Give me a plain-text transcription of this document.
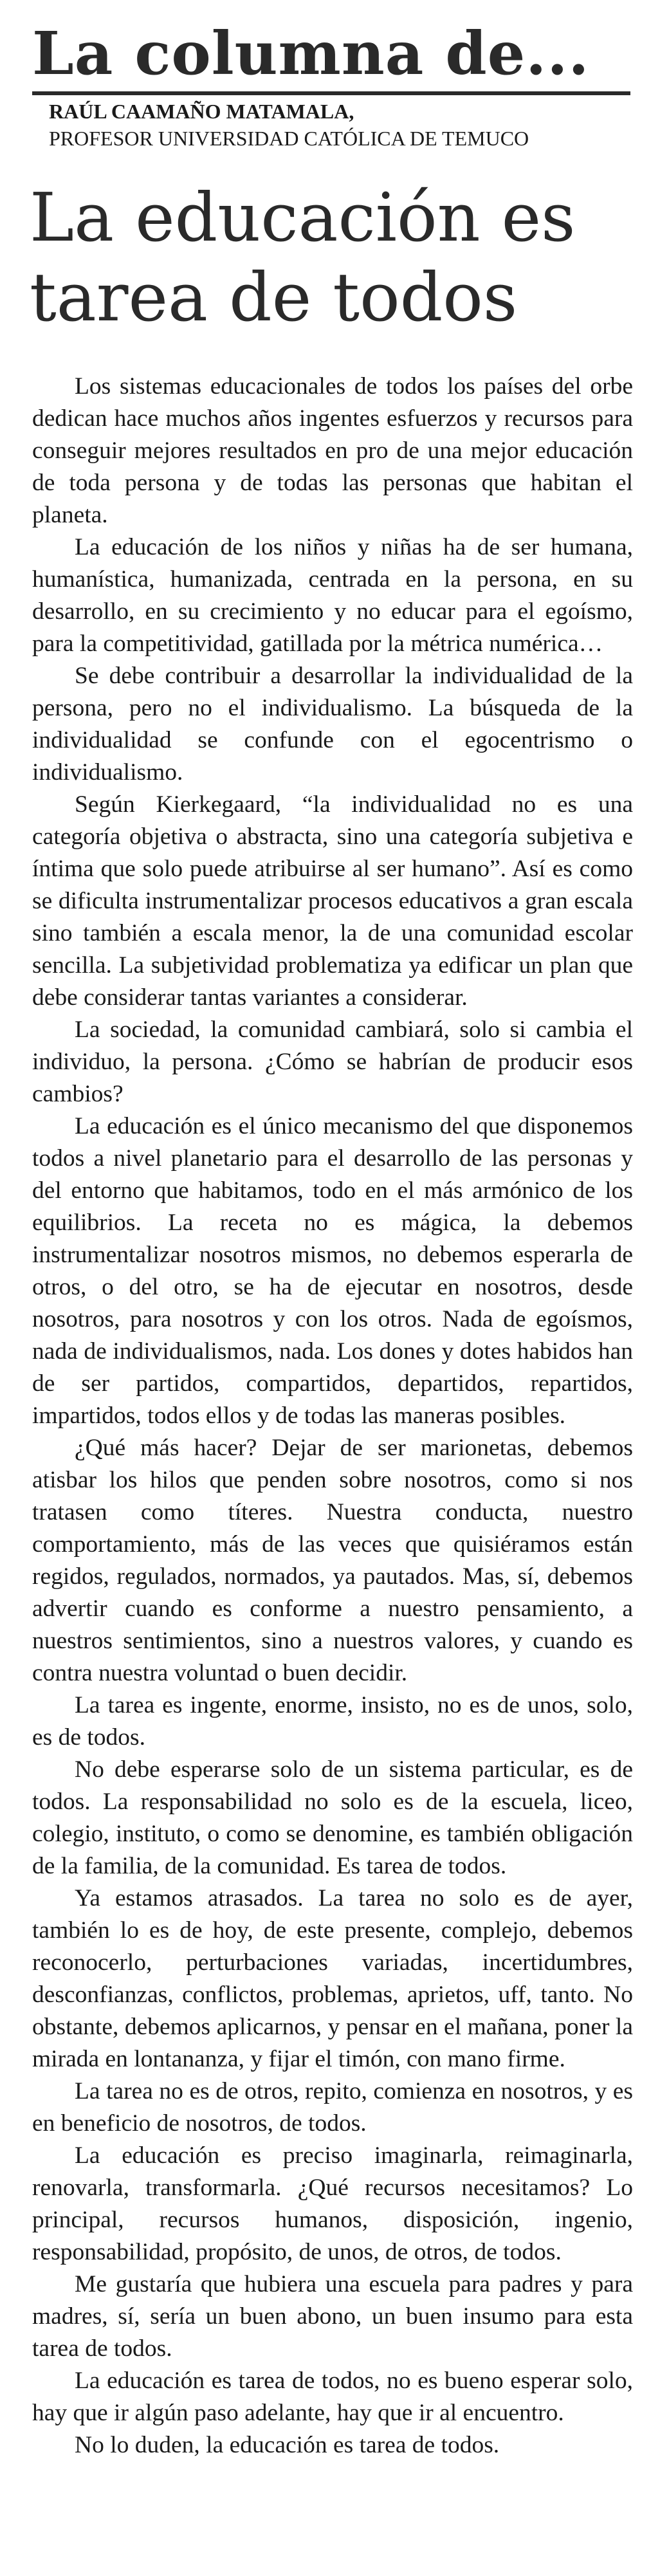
La columna de...
RAÚL CAAMAÑO MATAMALA,
PROFESOR UNIVERSIDAD CATÓLICA DE TEMUCO
La educación es tarea de todos

Los sistemas educacionales de todos los países del orbe dedican hace muchos años ingentes esfuerzos y recursos para conseguir mejores resultados en pro de una mejor educación de toda persona y de todas las personas que habitan el planeta.

La educación de los niños y niñas ha de ser humana, humanística, humanizada, centrada en la persona, en su desarrollo, en su crecimiento y no educar para el egoísmo, para la competitividad, gatillada por la métrica numérica…

Se debe contribuir a desarrollar la individualidad de la persona, pero no el individualismo. La búsqueda de la individualidad se confunde con el egocentrismo o individualismo.

Según Kierkegaard, “la individualidad no es una categoría objetiva o abstracta, sino una categoría subjetiva e íntima que solo puede atribuirse al ser humano”. Así es como se dificulta instrumentalizar procesos educativos a gran escala sino también a escala menor, la de una comunidad escolar sencilla. La subjetividad problematiza ya edificar un plan que debe considerar tantas variantes a considerar.

La sociedad, la comunidad cambiará, solo si cambia el individuo, la persona. ¿Cómo se habrían de producir esos cambios?

La educación es el único mecanismo del que disponemos todos a nivel planetario para el desarrollo de las personas y del entorno que habitamos, todo en el más armónico de los equilibrios. La receta no es mágica, la debemos instrumentalizar nosotros mismos, no debemos esperarla de otros, o del otro, se ha de ejecutar en nosotros, desde nosotros, para nosotros y con los otros. Nada de egoísmos, nada de individualismos, nada. Los dones y dotes habidos han de ser partidos, compartidos, departidos, repartidos, impartidos, todos ellos y de todas las maneras posibles.

¿Qué más hacer? Dejar de ser marionetas, debemos atisbar los hilos que penden sobre nosotros, como si nos tratasen como títeres. Nuestra conducta, nuestro comportamiento, más de las veces que quisiéramos están regidos, regulados, normados, ya pautados. Mas, sí, debemos advertir cuando es conforme a nuestro pensamiento, a nuestros sentimientos, sino a nuestros valores, y cuando es contra nuestra voluntad o buen decidir.

La tarea es ingente, enorme, insisto, no es de unos, solo, es de todos.

No debe esperarse solo de un sistema particular, es de todos. La responsabilidad no solo es de la escuela, liceo, colegio, instituto, o como se denomine, es también obligación de la familia, de la comunidad. Es tarea de todos.

Ya estamos atrasados. La tarea no solo es de ayer, también lo es de hoy, de este presente, complejo, debemos reconocerlo, perturbaciones variadas, incertidumbres, desconfianzas, conflictos, problemas, aprietos, uff, tanto. No obstante, debemos aplicarnos, y pensar en el mañana, poner la mirada en lontananza, y fijar el timón, con mano firme.

La tarea no es de otros, repito, comienza en nosotros, y es en beneficio de nosotros, de todos.

La educación es preciso imaginarla, reimaginarla, renovarla, transformarla. ¿Qué recursos necesitamos? Lo principal, recursos humanos, disposición, ingenio, responsabilidad, propósito, de unos, de otros, de todos.

Me gustaría que hubiera una escuela para padres y para madres, sí, sería un buen abono, un buen insumo para esta tarea de todos.

La educación es tarea de todos, no es bueno esperar solo, hay que ir algún paso adelante, hay que ir al encuentro.

No lo duden, la educación es tarea de todos.
